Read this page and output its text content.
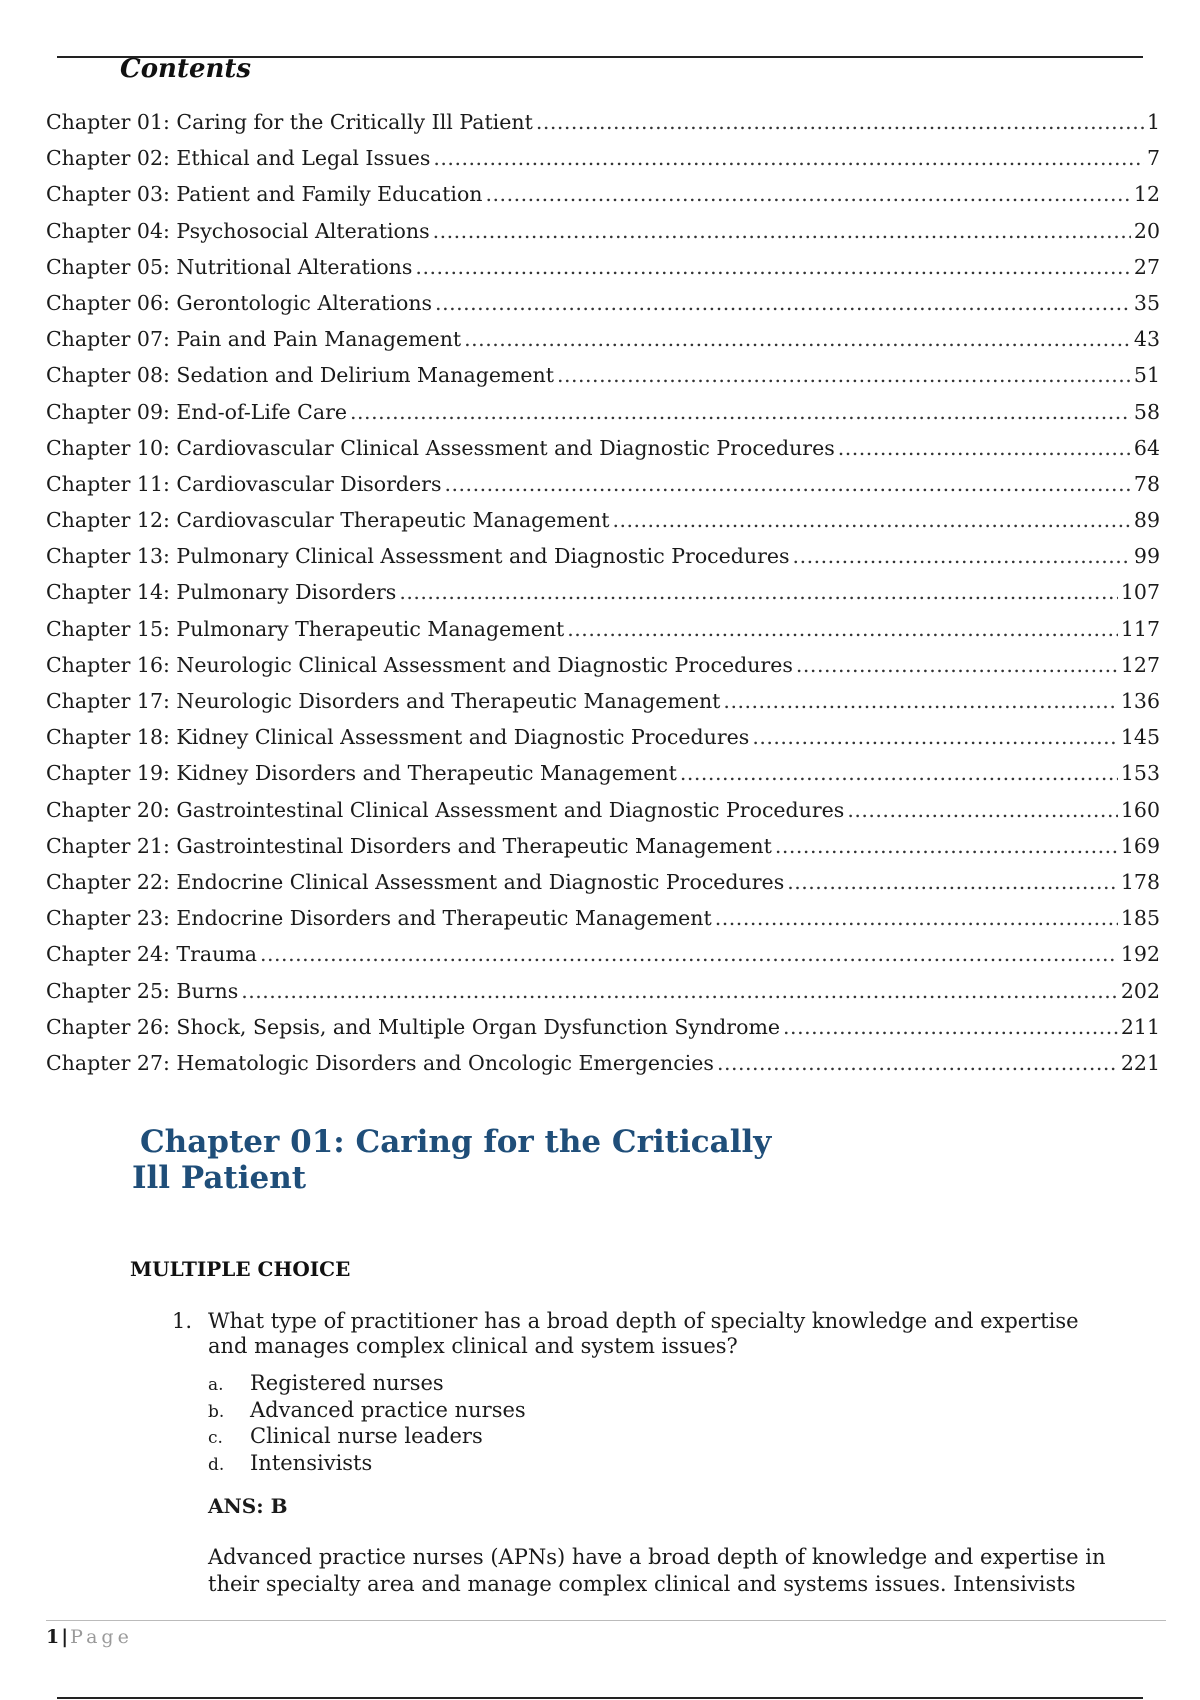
Contents
Chapter 01: Caring for the Critically Ill Patient .....	1
Chapter 02: Ethical and Legal Issues .....	7
Chapter 03: Patient and Family Education .....	12
Chapter 04: Psychosocial Alterations .....	20
Chapter 05: Nutritional Alterations .....	27
Chapter 06: Gerontologic Alterations .....	35
Chapter 07: Pain and Pain Management .....	43
Chapter 08: Sedation and Delirium Management .....	51
Chapter 09: End-of-Life Care .....	58
Chapter 10: Cardiovascular Clinical Assessment and Diagnostic Procedures .....	64
Chapter 11: Cardiovascular Disorders .....	78
Chapter 12: Cardiovascular Therapeutic Management .....	89
Chapter 13: Pulmonary Clinical Assessment and Diagnostic Procedures .....	99
Chapter 14: Pulmonary Disorders .....	107
Chapter 15: Pulmonary Therapeutic Management .....	117
Chapter 16: Neurologic Clinical Assessment and Diagnostic Procedures .....	127
Chapter 17: Neurologic Disorders and Therapeutic Management .....	136
Chapter 18: Kidney Clinical Assessment and Diagnostic Procedures .....	145
Chapter 19: Kidney Disorders and Therapeutic Management .....	153
Chapter 20: Gastrointestinal Clinical Assessment and Diagnostic Procedures .....	160
Chapter 21: Gastrointestinal Disorders and Therapeutic Management .....	169
Chapter 22: Endocrine Clinical Assessment and Diagnostic Procedures .....	178
Chapter 23: Endocrine Disorders and Therapeutic Management .....	185
Chapter 24: Trauma .....	192
Chapter 25: Burns .....	202
Chapter 26: Shock, Sepsis, and Multiple Organ Dysfunction Syndrome .....	211
Chapter 27: Hematologic Disorders and Oncologic Emergencies .....	221
Chapter 01: Caring for the Critically
Ill Patient
MULTIPLE CHOICE
1. What type of practitioner has a broad depth of specialty knowledge and expertise and manages complex clinical and system issues?
a.	Registered nurses
b.	Advanced practice nurses
c.	Clinical nurse leaders
d.	Intensivists
ANS: B
Advanced practice nurses (APNs) have a broad depth of knowledge and expertise in their specialty area and manage complex clinical and systems issues. Intensivists
1 | Page
